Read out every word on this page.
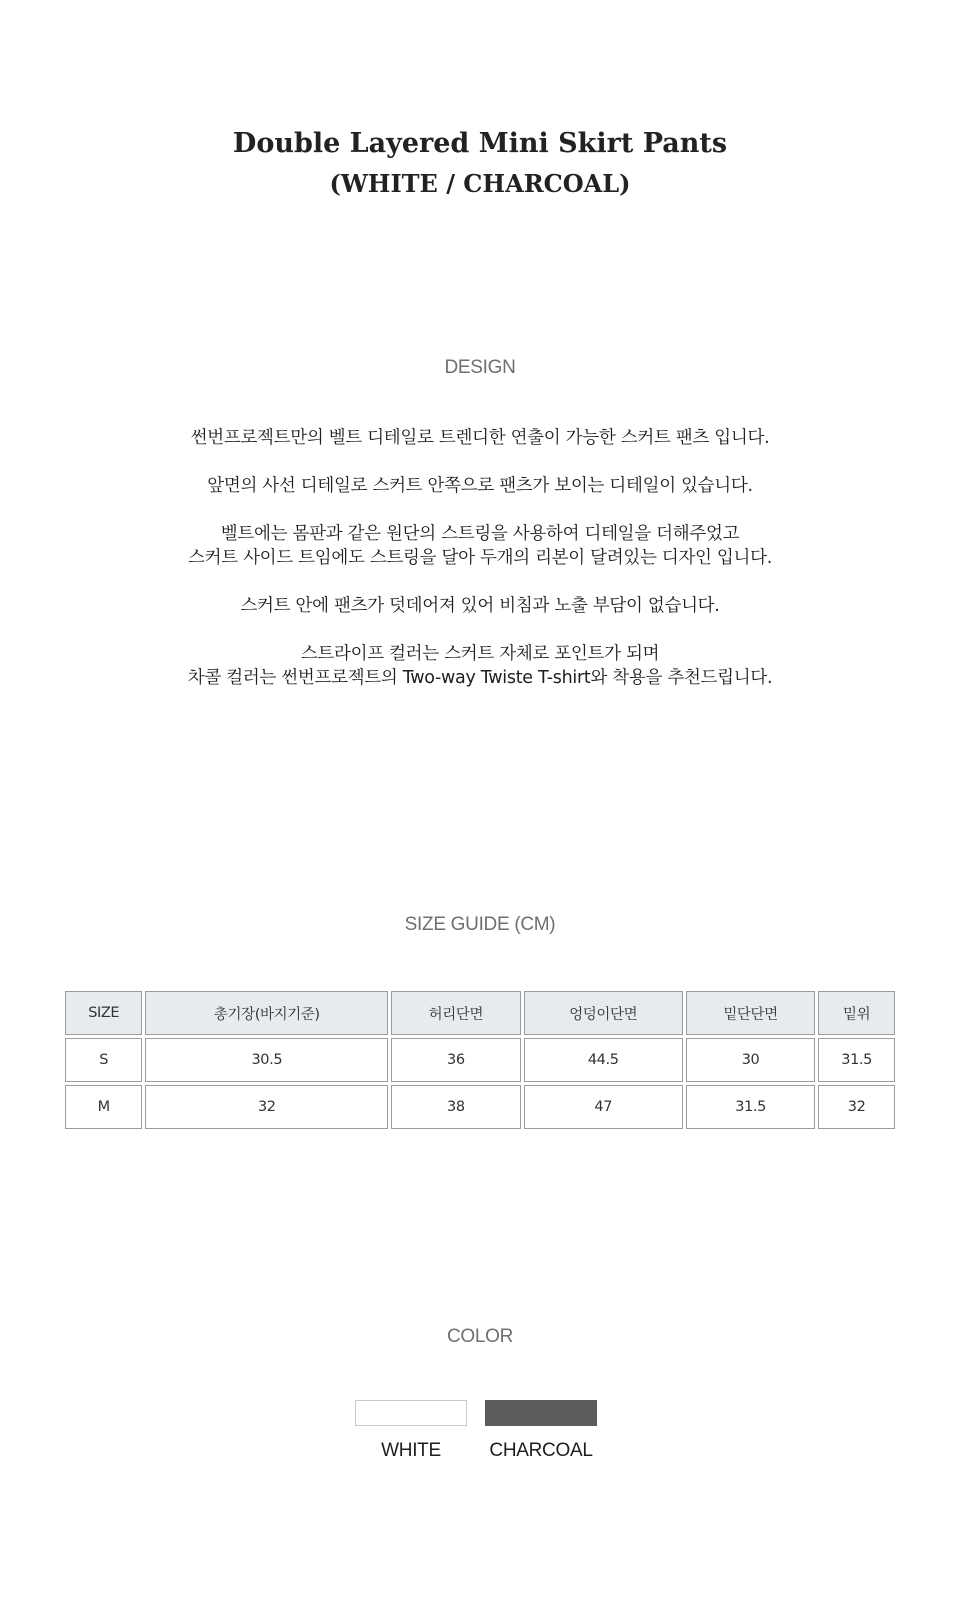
Double Layered Mini Skirt Pants
(WHITE / CHARCOAL)
DESIGN

썬번프로젝트만의 벨트 디테일로 트렌디한 연출이 가능한 스커트 팬츠 입니다.

앞면의 사선 디테일로 스커트 안쪽으로 팬츠가 보이는 디테일이 있습니다.

벨트에는 몸판과 같은 원단의 스트링을 사용하여 디테일을 더해주었고
스커트 사이드 트임에도 스트링을 달아 두개의 리본이 달려있는 디자인 입니다.

스커트 안에 팬츠가 덧데어져 있어 비침과 노출 부담이 없습니다.

스트라이프 컬러는 스커트 자체로 포인트가 되며
차콜 컬러는 썬번프로젝트의 Two-way Twiste T-shirt와 착용을 추천드립니다.

SIZE GUIDE (CM)
SIZE	총기장(바지기준)	허리단면	엉덩이단면	밑단단면	밑위
S	30.5	36	44.5	30	31.5
M	32	38	47	31.5	32
COLOR
WHITE	CHARCOAL
